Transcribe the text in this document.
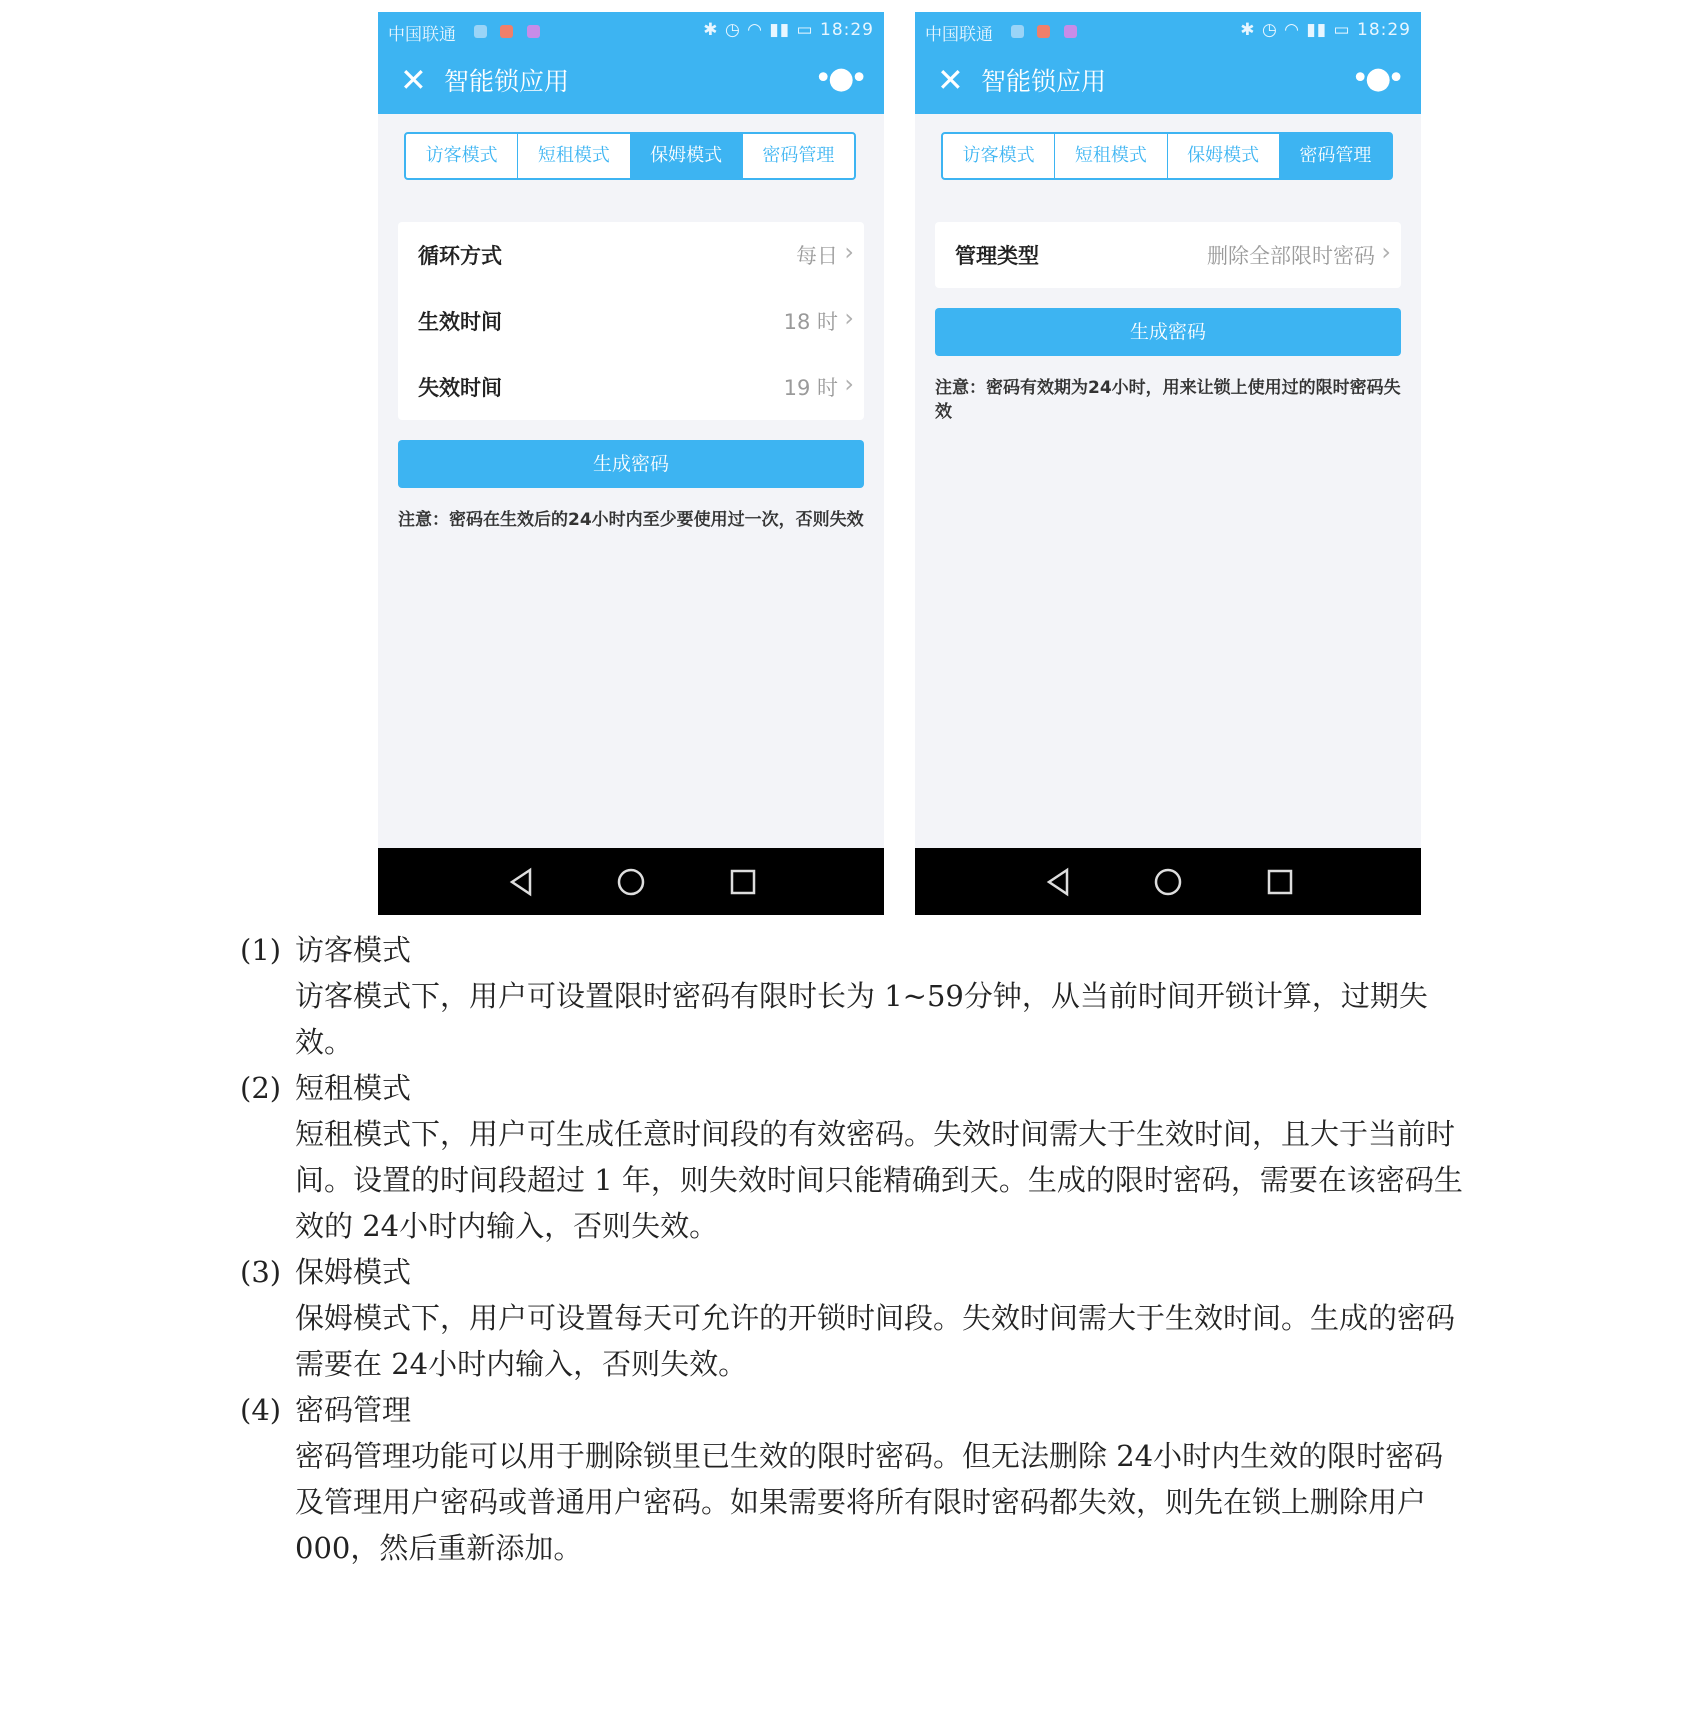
中国联通
	✱ ◷ ◠ ▮▮ ▭ 18:29
✕ 智能锁应用	•●•
访客模式	短租模式	保姆模式	密码管理
循环方式	每日 ›
生效时间	18 时 ›
失效时间	19 时 ›
生成密码
注意：密码在生效后的24小时内至少要使用过一次，否则失效
中国联通
	✱ ◷ ◠ ▮▮ ▭ 18:29
✕ 智能锁应用	•●•
访客模式	短租模式	保姆模式	密码管理
管理类型	删除全部限时密码 ›
生成密码
注意：密码有效期为24小时，用来让锁上使用过的限时密码失效
(1) 访客模式
访客模式下，用户可设置限时密码有限时长为 1~59分钟，从当前时间开锁计算，过期失效。
(2) 短租模式
短租模式下，用户可生成任意时间段的有效密码。失效时间需大于生效时间，且大于当前时间。设置的时间段超过 1 年，则失效时间只能精确到天。生成的限时密码，需要在该密码生效的 24小时内输入，否则失效。
(3) 保姆模式
保姆模式下，用户可设置每天可允许的开锁时间段。失效时间需大于生效时间。生成的密码需要在 24小时内输入，否则失效。
(4) 密码管理
密码管理功能可以用于删除锁里已生效的限时密码。但无法删除 24小时内生效的限时密码及管理用户密码或普通用户密码。如果需要将所有限时密码都失效，则先在锁上删除用户 000，然后重新添加。
